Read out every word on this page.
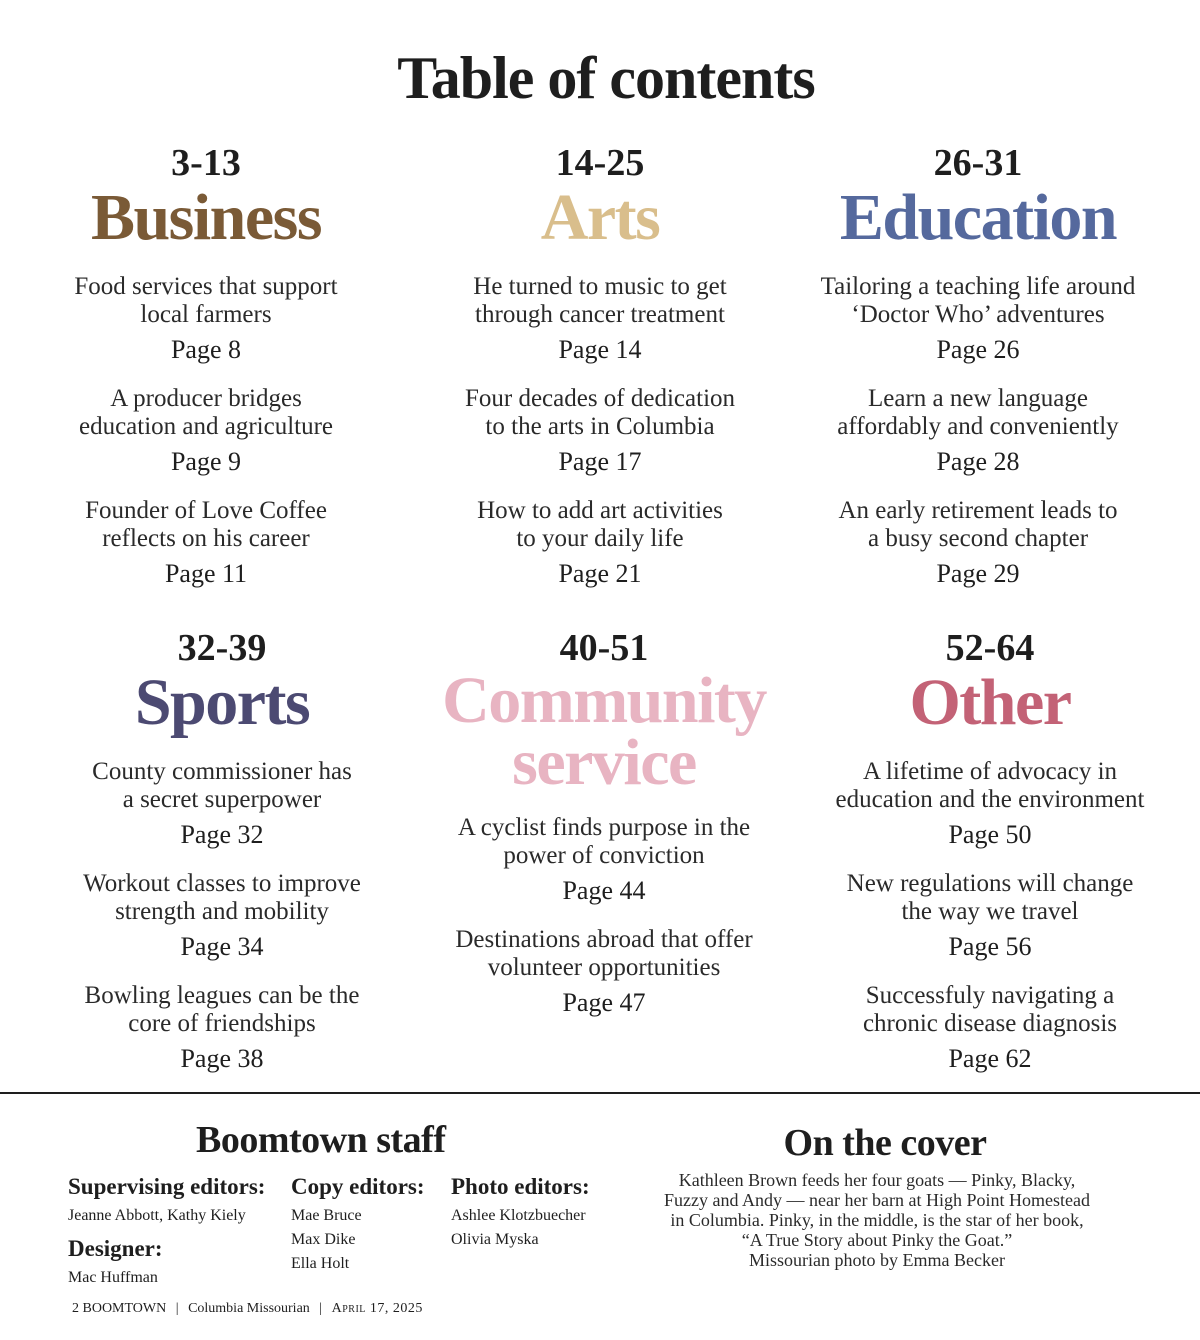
Table of contents
3-13
Business
Food services that support
local farmers
Page 8
A producer bridges
education and agriculture
Page 9
Founder of Love Coffee
reflects on his career
Page 11
14-25
Arts
He turned to music to get
through cancer treatment
Page 14
Four decades of dedication
to the arts in Columbia
Page 17
How to add art activities
to your daily life
Page 21
26-31
Education
Tailoring a teaching life around
‘Doctor Who’ adventures
Page 26
Learn a new language
affordably and conveniently
Page 28
An early retirement leads to
a busy second chapter
Page 29
32-39
Sports
County commissioner has
a secret superpower
Page 32
Workout classes to improve
strength and mobility
Page 34
Bowling leagues can be the
core of friendships
Page 38
40-51
Community
service
A cyclist finds purpose in the
power of conviction
Page 44
Destinations abroad that offer
volunteer opportunities
Page 47
52-64
Other
A lifetime of advocacy in
education and the environment
Page 50
New regulations will change
the way we travel
Page 56
Successfuly navigating a
chronic disease diagnosis
Page 62
Boomtown staff
Supervising editors:
Jeanne Abbott, Kathy Kiely
Designer:
Mac Huffman
Copy editors:
Mae Bruce
Max Dike
Ella Holt
Photo editors:
Ashlee Klotzbuecher
Olivia Myska
On the cover
Kathleen Brown feeds her four goats — Pinky, Blacky,
Fuzzy and Andy — near her barn at High Point Homestead
in Columbia. Pinky, in the middle, is the star of her book,
“A True Story about Pinky the Goat.”
Missourian photo by Emma Becker
2 BOOMTOWN | Columbia Missourian | April 17, 2025
